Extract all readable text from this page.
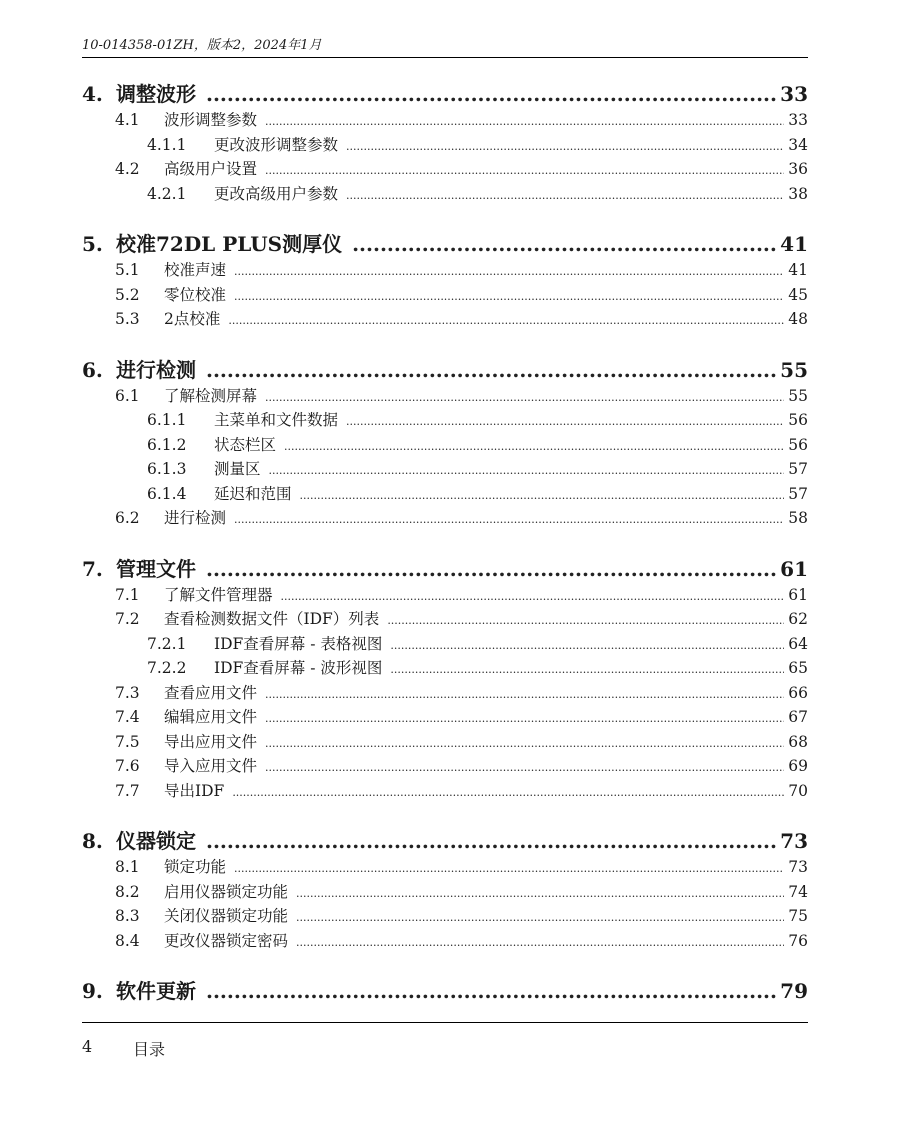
10-014358-01ZH，版本2，2024年1月
4. 调整波形 .....	33
4.1	波形调整参数 .....	33
4.1.1	更改波形调整参数 .....	34
4.2	高级用户设置 .....	36
4.2.1	更改高级用户参数 .....	38
5. 校准72DL PLUS测厚仪 .....	41
5.1	校准声速 .....	41
5.2	零位校准 .....	45
5.3	2点校准 .....	48
6. 进行检测 .....	55
6.1	了解检测屏幕 .....	55
6.1.1	主菜单和文件数据 .....	56
6.1.2	状态栏区 .....	56
6.1.3	测量区 .....	57
6.1.4	延迟和范围 .....	57
6.2	进行检测 .....	58
7. 管理文件 .....	61
7.1	了解文件管理器 .....	61
7.2	查看检测数据文件（IDF）列表 .....	62
7.2.1	IDF查看屏幕 - 表格视图 .....	64
7.2.2	IDF查看屏幕 - 波形视图 .....	65
7.3	查看应用文件 .....	66
7.4	编辑应用文件 .....	67
7.5	导出应用文件 .....	68
7.6	导入应用文件 .....	69
7.7	导出IDF .....	70
8. 仪器锁定 .....	73
8.1	锁定功能 .....	73
8.2	启用仪器锁定功能 .....	74
8.3	关闭仪器锁定功能 .....	75
8.4	更改仪器锁定密码 .....	76
9. 软件更新 .....	79
4	目录
